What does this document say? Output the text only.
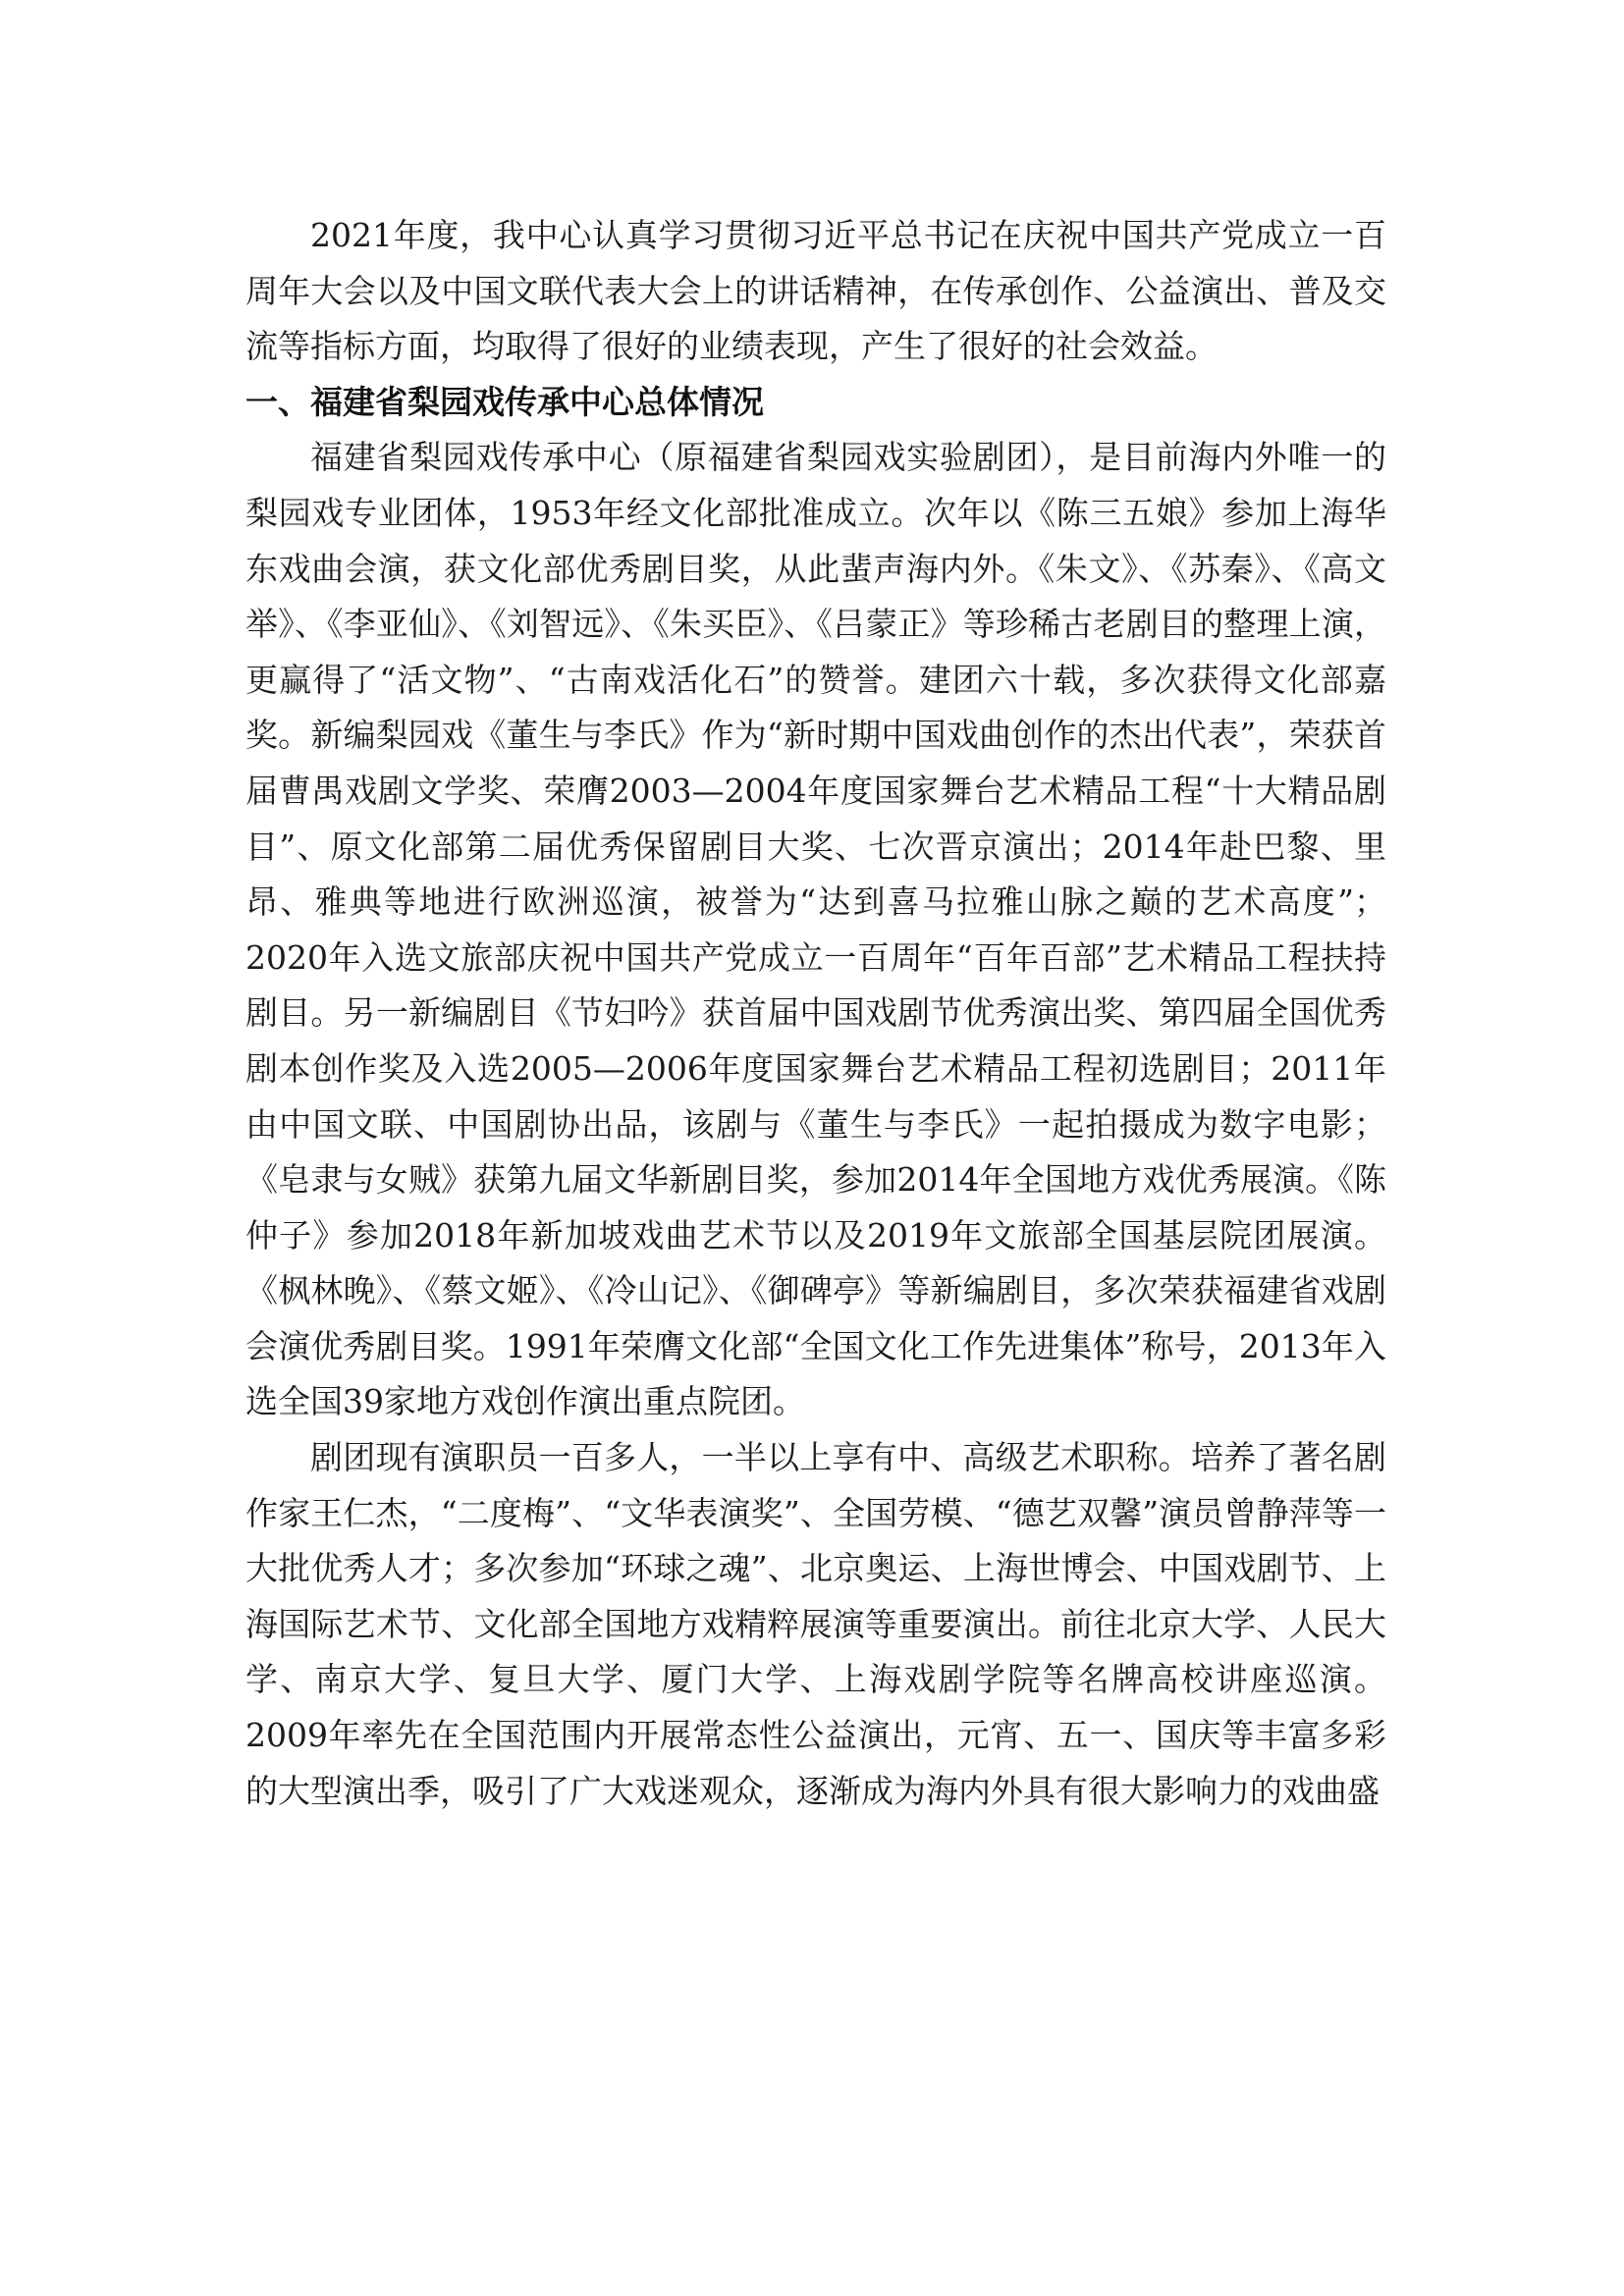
2021年度，我中心认真学习贯彻习近平总书记在庆祝中国共产党成立一百周年大会以及中国文联代表大会上的讲话精神，在传承创作、公益演出、普及交流等指标方面，均取得了很好的业绩表现，产生了很好的社会效益。

一、福建省梨园戏传承中心总体情况

福建省梨园戏传承中心（原福建省梨园戏实验剧团），是目前海内外唯一的梨园戏专业团体，1953年经文化部批准成立。次年以《陈三五娘》参加上海华东戏曲会演，获文化部优秀剧目奖，从此蜚声海内外。《朱文》、《苏秦》、《高文举》、《李亚仙》、《刘智远》、《朱买臣》、《吕蒙正》等珍稀古老剧目的整理上演，更赢得了“活文物”、“古南戏活化石”的赞誉。建团六十载，多次获得文化部嘉奖。新编梨园戏《董生与李氏》作为“新时期中国戏曲创作的杰出代表”，荣获首届曹禺戏剧文学奖、荣膺2003—2004年度国家舞台艺术精品工程“十大精品剧目”、原文化部第二届优秀保留剧目大奖、七次晋京演出；2014年赴巴黎、里昂、雅典等地进行欧洲巡演，被誉为“达到喜马拉雅山脉之巅的艺术高度”；2020年入选文旅部庆祝中国共产党成立一百周年“百年百部”艺术精品工程扶持剧目。另一新编剧目《节妇吟》获首届中国戏剧节优秀演出奖、第四届全国优秀剧本创作奖及入选2005—2006年度国家舞台艺术精品工程初选剧目；2011年由中国文联、中国剧协出品，该剧与《董生与李氏》一起拍摄成为数字电影；《皂隶与女贼》获第九届文华新剧目奖，参加2014年全国地方戏优秀展演。《陈仲子》参加2018年新加坡戏曲艺术节以及2019年文旅部全国基层院团展演。《枫林晚》、《蔡文姬》、《冷山记》、《御碑亭》等新编剧目，多次荣获福建省戏剧会演优秀剧目奖。1991年荣膺文化部“全国文化工作先进集体”称号，2013年入选全国39家地方戏创作演出重点院团。

剧团现有演职员一百多人，一半以上享有中、高级艺术职称。培养了著名剧作家王仁杰，“二度梅”、“文华表演奖”、全国劳模、“德艺双馨”演员曾静萍等一大批优秀人才；多次参加“环球之魂”、北京奥运、上海世博会、中国戏剧节、上海国际艺术节、文化部全国地方戏精粹展演等重要演出。前往北京大学、人民大学、南京大学、复旦大学、厦门大学、上海戏剧学院等名牌高校讲座巡演。2009年率先在全国范围内开展常态性公益演出，元宵、五一、国庆等丰富多彩的大型演出季，吸引了广大戏迷观众，逐渐成为海内外具有很大影响力的戏曲盛
